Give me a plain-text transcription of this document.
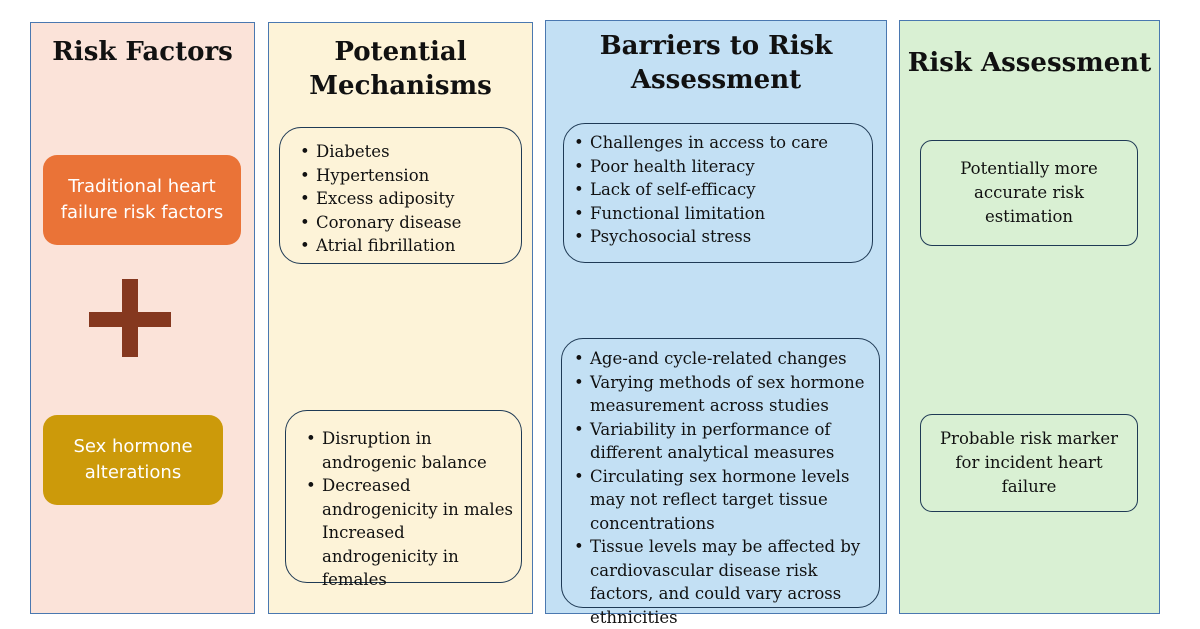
Risk Factors
Traditional heart failure risk factors
Sex hormone alterations
Potential Mechanisms
• Diabetes
• Hypertension
• Excess adiposity
• Coronary disease
• Atrial fibrillation
• Disruption in androgenic balance
• Decreased androgenicity in males Increased androgenicity in females
Barriers to Risk Assessment
• Challenges in access to care
• Poor health literacy
• Lack of self-efficacy
• Functional limitation
• Psychosocial stress
• Age-and cycle-related changes
• Varying methods of sex hormone measurement across studies
• Variability in performance of different analytical measures
• Circulating sex hormone levels may not reflect target tissue concentrations
• Tissue levels may be affected by cardiovascular disease risk factors, and could vary across ethnicities
Risk Assessment
Potentially more accurate risk estimation
Probable risk marker for incident heart failure
